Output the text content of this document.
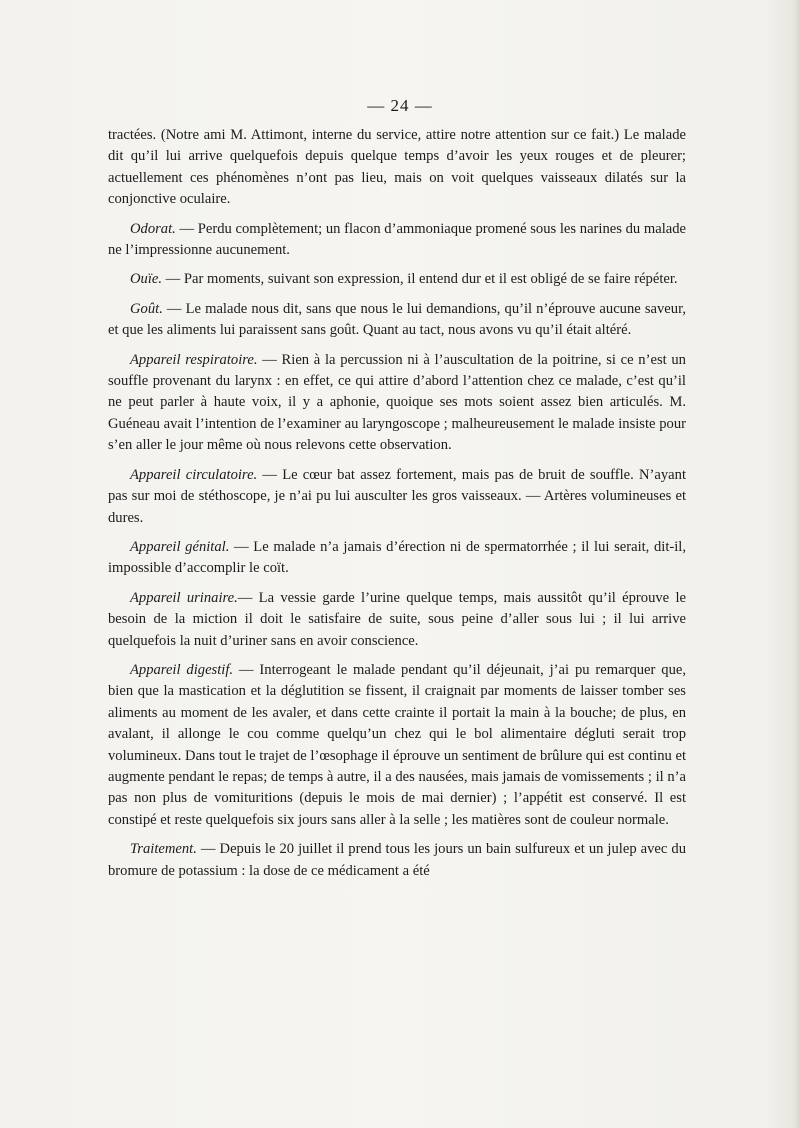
— 24 —

tractées. (Notre ami M. Attimont, interne du service, attire notre attention sur ce fait.) Le malade dit qu’il lui arrive quelquefois depuis quelque temps d’avoir les yeux rouges et de pleurer; actuellement ces phénomènes n’ont pas lieu, mais on voit quelques vaisseaux dilatés sur la conjonctive oculaire.

Odorat. — Perdu complètement; un flacon d’ammoniaque promené sous les narines du malade ne l’impressionne aucunement.

Ouïe. — Par moments, suivant son expression, il entend dur et il est obligé de se faire répéter.

Goût. — Le malade nous dit, sans que nous le lui demandions, qu’il n’éprouve aucune saveur, et que les aliments lui paraissent sans goût. Quant au tact, nous avons vu qu’il était altéré.

Appareil respiratoire. — Rien à la percussion ni à l’auscultation de la poitrine, si ce n’est un souffle provenant du larynx : en effet, ce qui attire d’abord l’attention chez ce malade, c’est qu’il ne peut parler à haute voix, il y a aphonie, quoique ses mots soient assez bien articulés. M. Guéneau avait l’intention de l’examiner au laryngoscope ; malheureusement le malade insiste pour s’en aller le jour même où nous relevons cette observation.

Appareil circulatoire. — Le cœur bat assez fortement, mais pas de bruit de souffle. N’ayant pas sur moi de stéthoscope, je n’ai pu lui ausculter les gros vaisseaux. — Artères volumineuses et dures.

Appareil génital. — Le malade n’a jamais d’érection ni de spermatorrhée ; il lui serait, dit-il, impossible d’accomplir le coït.

Appareil urinaire.— La vessie garde l’urine quelque temps, mais aussitôt qu’il éprouve le besoin de la miction il doit le satisfaire de suite, sous peine d’aller sous lui ; il lui arrive quelquefois la nuit d’uriner sans en avoir conscience.

Appareil digestif. — Interrogeant le malade pendant qu’il déjeunait, j’ai pu remarquer que, bien que la mastication et la déglutition se fissent, il craignait par moments de laisser tomber ses aliments au moment de les avaler, et dans cette crainte il portait la main à la bouche; de plus, en avalant, il allonge le cou comme quelqu’un chez qui le bol alimentaire dégluti serait trop volumineux. Dans tout le trajet de l’œsophage il éprouve un sentiment de brûlure qui est continu et augmente pendant le repas; de temps à autre, il a des nausées, mais jamais de vomissements ; il n’a pas non plus de vomituritions (depuis le mois de mai dernier) ; l’appétit est conservé. Il est constipé et reste quelquefois six jours sans aller à la selle ; les matières sont de couleur normale.

Traitement. — Depuis le 20 juillet il prend tous les jours un bain sulfureux et un julep avec du bromure de potassium : la dose de ce médicament a été
